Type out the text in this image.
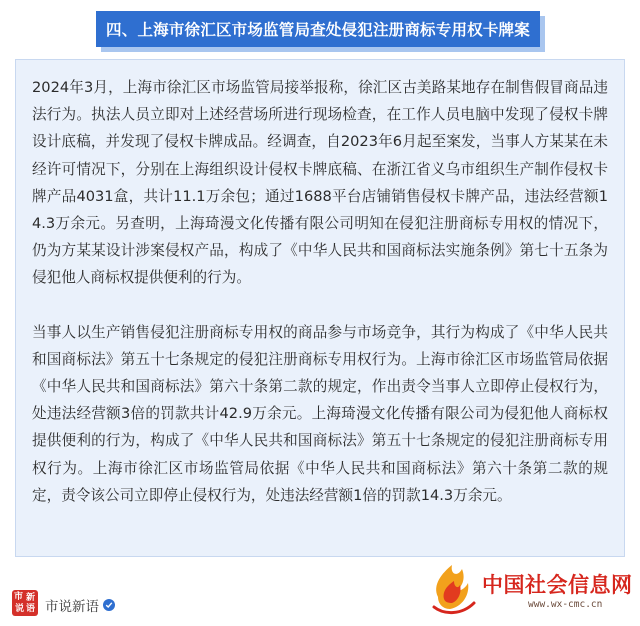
四、上海市徐汇区市场监管局查处侵犯注册商标专用权卡牌案

2024年3月，上海市徐汇区市场监管局接举报称，徐汇区古美路某地存在制售假冒商品违法行为。执法人员立即对上述经营场所进行现场检查，在工作人员电脑中发现了侵权卡牌设计底稿，并发现了侵权卡牌成品。经调查，自2023年6月起至案发，当事人方某某在未经许可情况下，分别在上海组织设计侵权卡牌底稿、在浙江省义乌市组织生产制作侵权卡牌产品4031盒，共计11.1万余包；通过1688平台店铺销售侵权卡牌产品，违法经营额14.3万余元。另查明，上海琦漫文化传播有限公司明知在侵犯注册商标专用权的情况下，仍为方某某设计涉案侵权产品，构成了《中华人民共和国商标法实施条例》第七十五条为侵犯他人商标权提供便利的行为。

当事人以生产销售侵犯注册商标专用权的商品参与市场竞争，其行为构成了《中华人民共和国商标法》第五十七条规定的侵犯注册商标专用权行为。上海市徐汇区市场监管局依据《中华人民共和国商标法》第六十条第二款的规定，作出责令当事人立即停止侵权行为，处违法经营额3倍的罚款共计42.9万余元。上海琦漫文化传播有限公司为侵犯他人商标权提供便利的行为，构成了《中华人民共和国商标法》第五十七条规定的侵犯注册商标专用权行为。上海市徐汇区市场监管局依据《中华人民共和国商标法》第六十条第二款的规定，责令该公司立即停止侵权行为，处违法经营额1倍的罚款14.3万余元。

市 新
说 语 市说新语
中国社会信息网
www.wx-cmc.cn
